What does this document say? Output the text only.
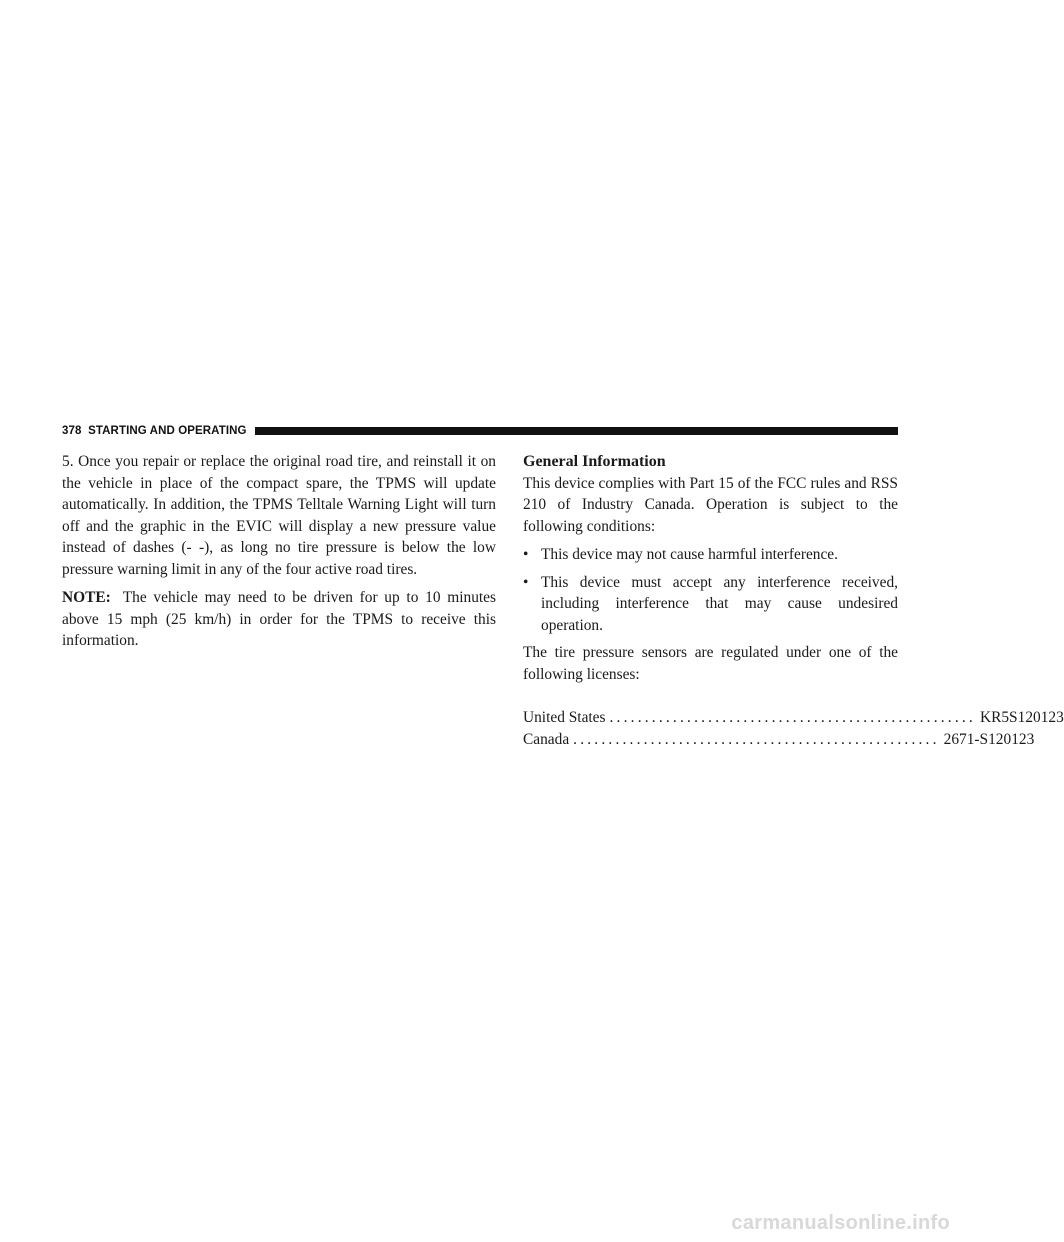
378 STARTING AND OPERATING

5. Once you repair or replace the original road tire, and reinstall it on the vehicle in place of the compact spare, the TPMS will update automatically. In addition, the TPMS Telltale Warning Light will turn off and the graphic in the EVIC will display a new pressure value instead of dashes (- -), as long no tire pressure is below the low pressure warning limit in any of the four active road tires.

NOTE: The vehicle may need to be driven for up to 10 minutes above 15 mph (25 km/h) in order for the TPMS to receive this information.

General Information

This device complies with Part 15 of the FCC rules and RSS 210 of Industry Canada. Operation is subject to the following conditions:

• This device may not cause harmful interference.
• This device must accept any interference received, including interference that may cause undesired operation.

The tire pressure sensors are regulated under one of the following licenses:

United States .................................................... KR5S120123
Canada .................................................... 2671-S120123
carmanualsonline.info
